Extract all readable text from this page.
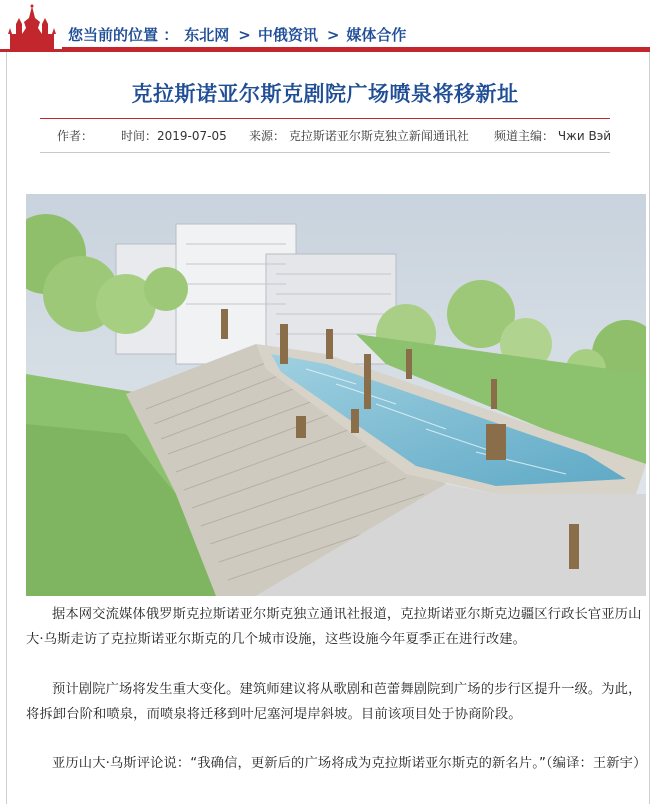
您当前的位置 ： 东北网 > 中俄资讯 > 媒体合作
克拉斯诺亚尔斯克剧院广场喷泉将移新址
作者： 时间：2019-07-05 来源： 克拉斯诺亚尔斯克独立新闻通讯社 频道主编： Чжи Вэй

据本网交流媒体俄罗斯克拉斯诺亚尔斯克独立通讯社报道，克拉斯诺亚尔斯克边疆区行政长官亚历山大·乌斯走访了克拉斯诺亚尔斯克的几个城市设施，这些设施今年夏季正在进行改建。

预计剧院广场将发生重大变化。建筑师建议将从歌剧和芭蕾舞剧院到广场的步行区提升一级。为此，将拆卸台阶和喷泉，而喷泉将迁移到叶尼塞河堤岸斜坡。目前该项目处于协商阶段。

亚历山大·乌斯评论说：“我确信，更新后的广场将成为克拉斯诺亚尔斯克的新名片。”（编译：王新宇）
